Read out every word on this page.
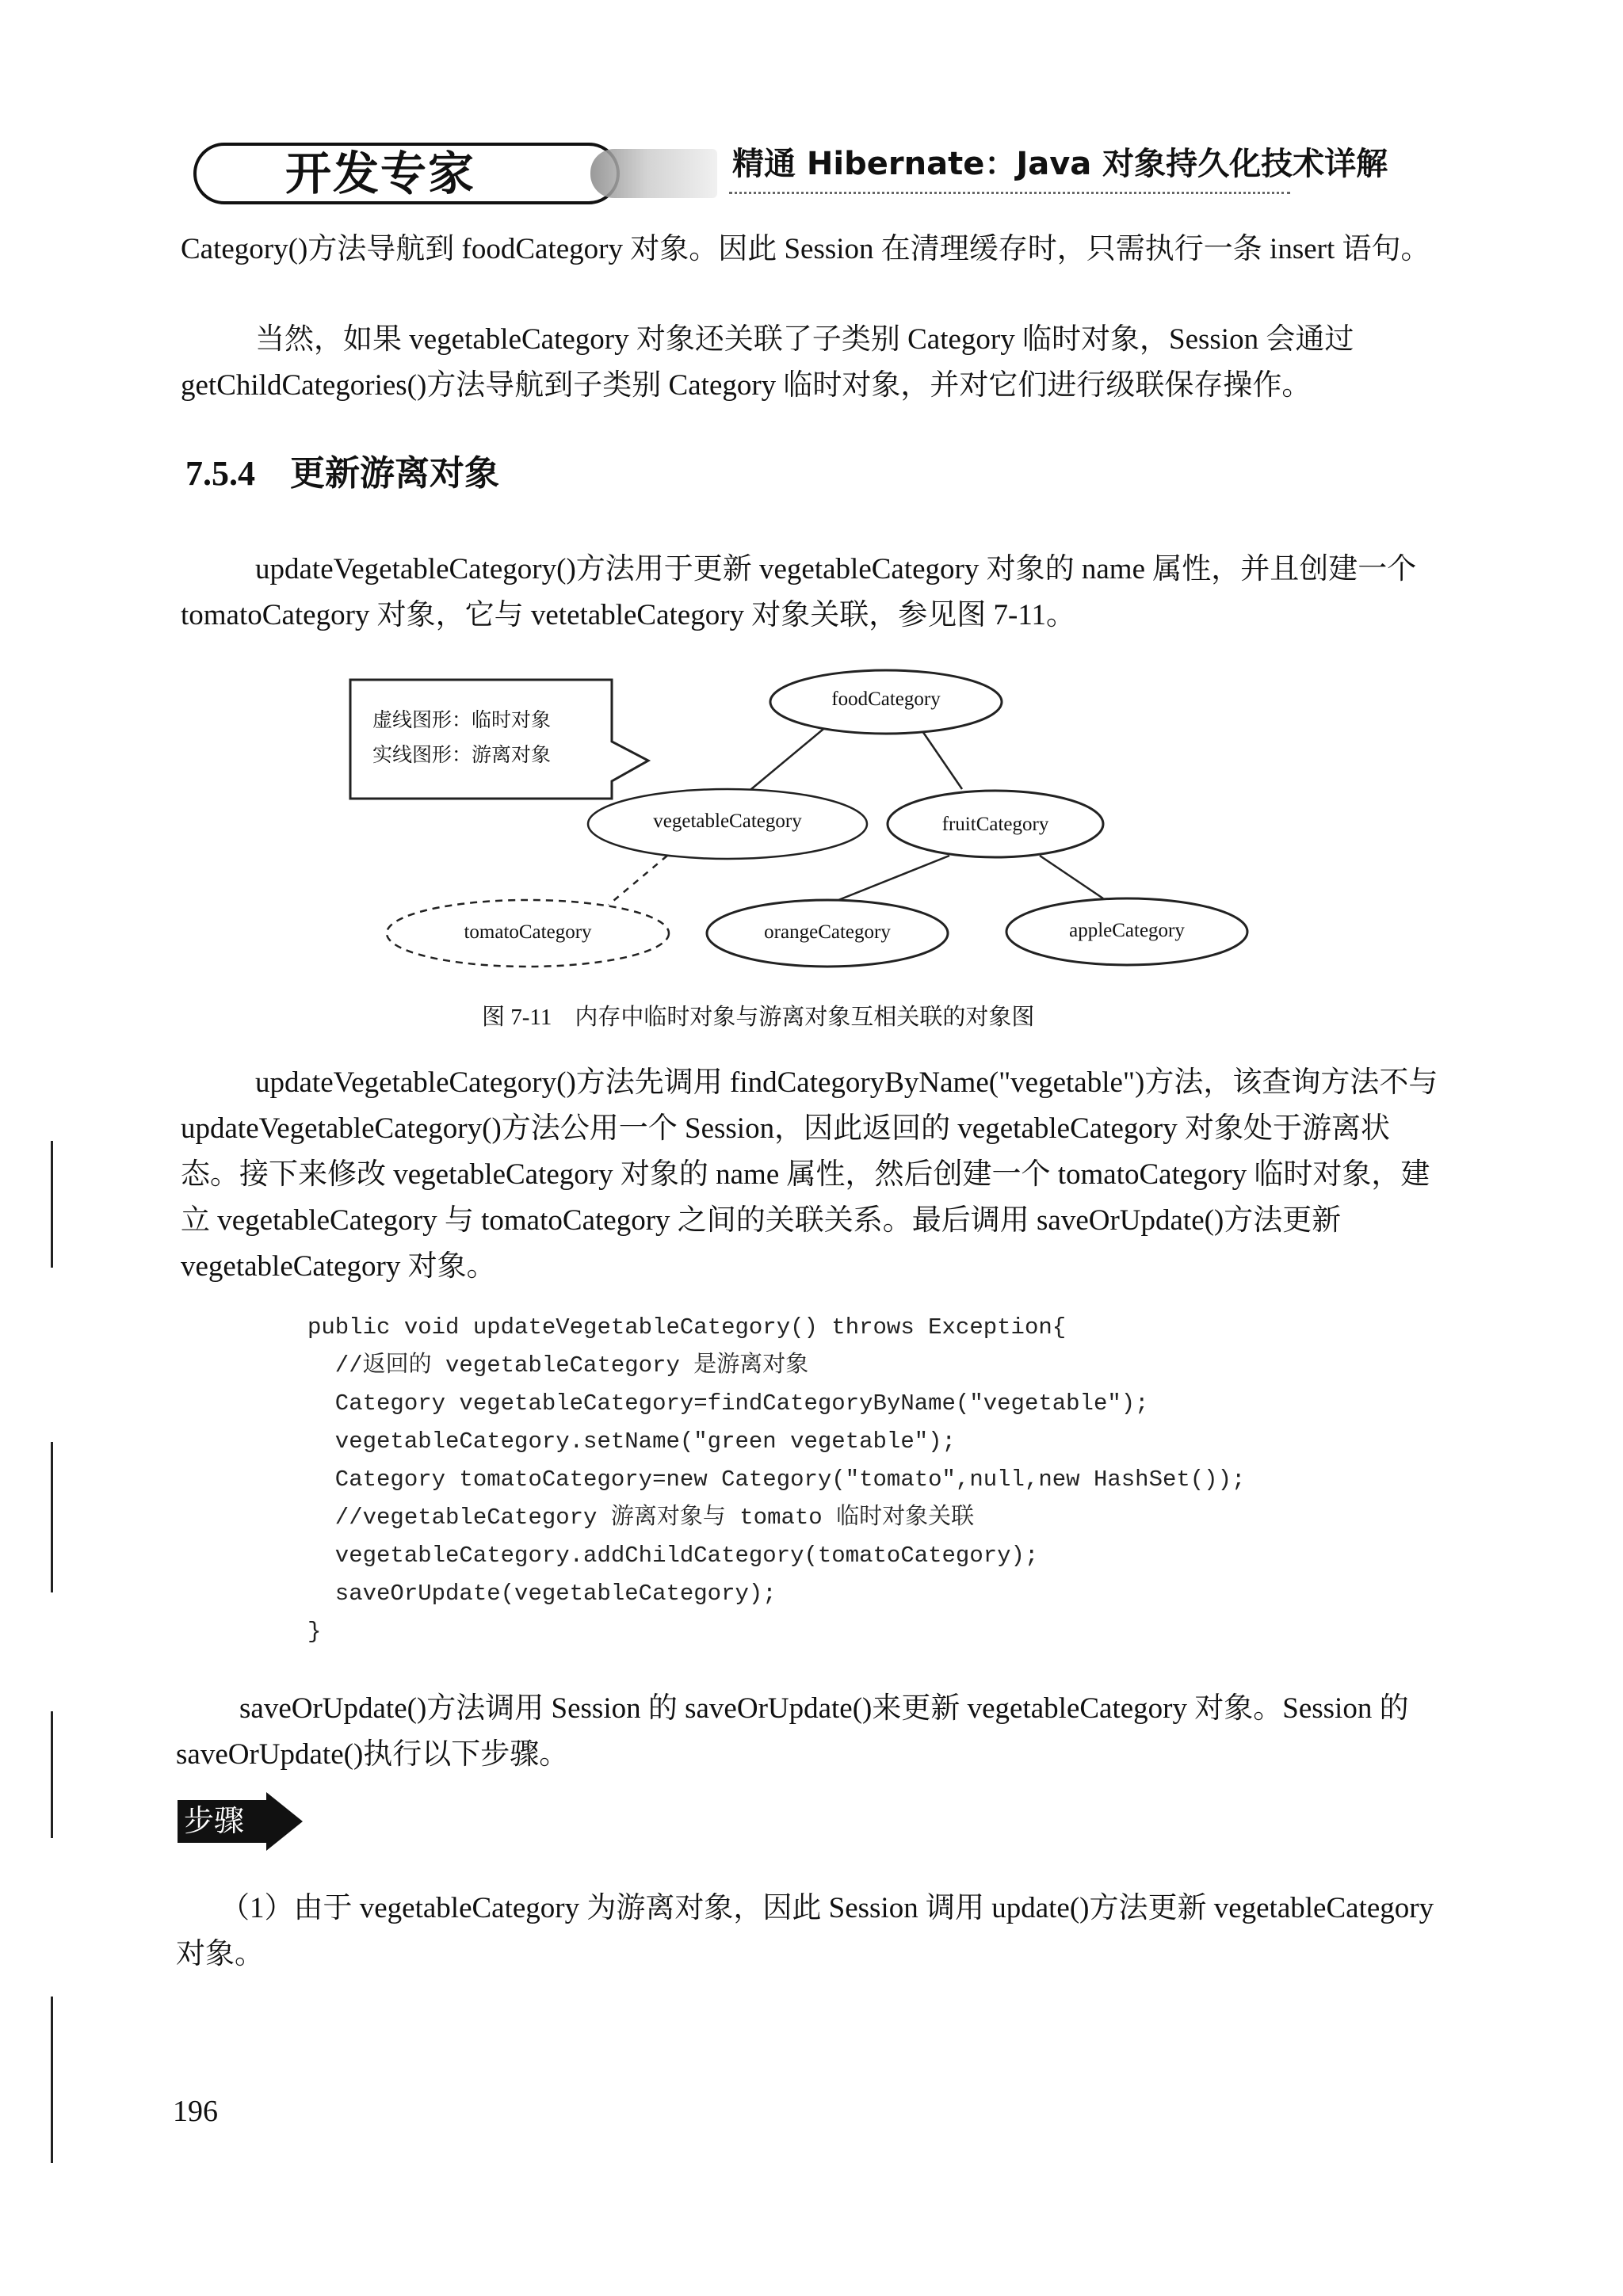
开发专家	精通 Hibernate：Java 对象持久化技术详解

Category()方法导航到 foodCategory 对象。因此 Session 在清理缓存时，只需执行一条 insert 语句。

当然，如果 vegetableCategory 对象还关联了子类别 Category 临时对象，Session 会通过 getChildCategories()方法导航到子类别 Category 临时对象，并对它们进行级联保存操作。

7.5.4　更新游离对象

updateVegetableCategory()方法用于更新 vegetableCategory 对象的 name 属性，并且创建一个 tomatoCategory 对象，它与 vetetableCategory 对象关联，参见图 7-11。

虚线图形：临时对象
实线图形：游离对象
foodCategory
vegetableCategory	fruitCategory
tomatoCategory	orangeCategory	appleCategory
图 7-11　内存中临时对象与游离对象互相关联的对象图

updateVegetableCategory()方法先调用 findCategoryByName("vegetable")方法，该查询方法不与 updateVegetableCategory()方法公用一个 Session，因此返回的 vegetableCategory 对象处于游离状态。接下来修改 vegetableCategory 对象的 name 属性，然后创建一个 tomatoCategory 临时对象，建立 vegetableCategory 与 tomatoCategory 之间的关联关系。最后调用 saveOrUpdate()方法更新 vegetableCategory 对象。

public void updateVegetableCategory() throws Exception{
//返回的 vegetableCategory 是游离对象
Category vegetableCategory=findCategoryByName("vegetable");
vegetableCategory.setName("green vegetable");
Category tomatoCategory=new Category("tomato",null,new HashSet());
//vegetableCategory 游离对象与 tomato 临时对象关联
vegetableCategory.addChildCategory(tomatoCategory);
saveOrUpdate(vegetableCategory);
}

saveOrUpdate()方法调用 Session 的 saveOrUpdate()来更新 vegetableCategory 对象。Session 的 saveOrUpdate()执行以下步骤。

步骤

（1）由于 vegetableCategory 为游离对象，因此 Session 调用 update()方法更新 vegetableCategory 对象。

196
